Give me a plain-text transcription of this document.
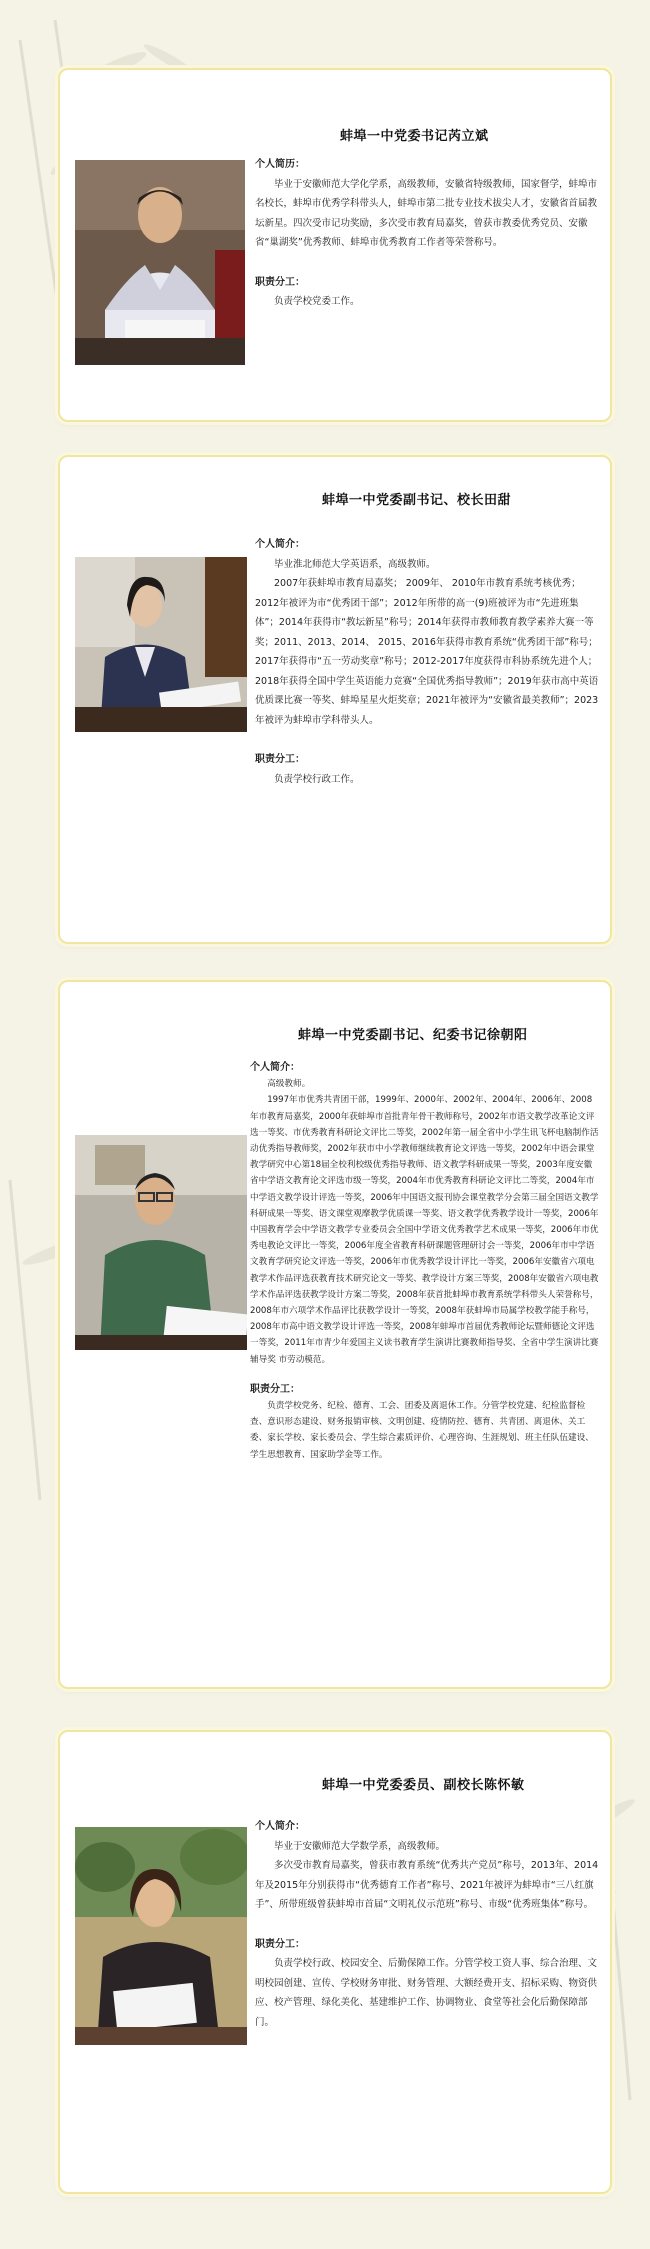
蚌埠一中党委书记芮立斌
个人简历：

毕业于安徽师范大学化学系，高级教师，安徽省特级教师，国家督学，蚌埠市名校长，蚌埠市优秀学科带头人，蚌埠市第二批专业技术拔尖人才，安徽省首届教坛新星。四次受市记功奖励，多次受市教育局嘉奖，曾获市教委优秀党员、安徽省“巢湖奖”优秀教师、蚌埠市优秀教育工作者等荣誉称号。

职责分工：

负责学校党委工作。

蚌埠一中党委副书记、校长田甜
个人简介：

毕业淮北师范大学英语系，高级教师。

2007年获蚌埠市教育局嘉奖； 2009年、 2010年市教育系统考核优秀； 2012年被评为市“优秀团干部”；2012年所带的高一(9)班被评为市“先进班集体”；2014年获得市“教坛新星”称号；2014年获得市教师教育教学素养大赛一等奖；2011、2013、2014、 2015、2016年获得市教育系统“优秀团干部”称号；2017年获得市“五一劳动奖章”称号；2012-2017年度获得市科协系统先进个人；2018年获得全国中学生英语能力竞赛“全国优秀指导教师”；2019年获市高中英语优质课比赛一等奖、蚌埠星星火炬奖章；2021年被评为“安徽省最美教师”；2023年被评为蚌埠市学科带头人。

职责分工：

负责学校行政工作。

蚌埠一中党委副书记、纪委书记徐朝阳
个人简介：

高级教师。

1997年市优秀共青团干部，1999年、2000年、2002年、2004年、2006年、2008年市教育局嘉奖，2000年获蚌埠市首批青年骨干教师称号，2002年市语文教学改革论文评选一等奖、市优秀教育科研论文评比二等奖，2002年第一届全省中小学生讯飞杯电脑制作活动优秀指导教师奖，2002年获市中小学教师继续教育论文评选一等奖，2002年中语会课堂教学研究中心第18届全校利校级优秀指导教师、语文教学科研成果一等奖，2003年度安徽省中学语文教育论文评选市级一等奖，2004年市优秀教育科研论文评比二等奖，2004年市中学语文教学设计评选一等奖，2006年中国语文报刊协会课堂教学分会第三届全国语文教学科研成果一等奖、语文课堂观摩教学优质课一等奖、语文教学优秀教学设计一等奖，2006年中国教育学会中学语文教学专业委员会全国中学语文优秀教学艺术成果一等奖，2006年市优秀电教论文评比一等奖，2006年度全省教育科研课题管理研讨会一等奖，2006年市中学语文教育学研究论文评选一等奖，2006年市优秀教学设计评比一等奖，2006年安徽省六项电教学术作品评选获教育技术研究论文一等奖、教学设计方案三等奖，2008年安徽省六项电教学术作品评选获教学设计方案二等奖，2008年获首批蚌埠市教育系统学科带头人荣誉称号，2008年市六项学术作品评比获教学设计一等奖，2008年获蚌埠市局属学校教学能手称号，2008年市高中语文教学设计评选一等奖，2008年蚌埠市首届优秀教师论坛暨师德论文评选一等奖，2011年市青少年爱国主义读书教育学生演讲比赛教师指导奖、全省中学生演讲比赛辅导奖 市劳动模范。

职责分工：

负责学校党务、纪检、德育、工会、团委及离退休工作。分管学校党建、纪检监督检查、意识形态建设、财务报销审核、文明创建、疫情防控、德育、共青团、离退休、关工委、家长学校、家长委员会、学生综合素质评价、心理咨询、生涯规划、班主任队伍建设、学生思想教育、国家助学金等工作。

蚌埠一中党委委员、副校长陈怀敏
个人简介：

毕业于安徽师范大学数学系，高级教师。

多次受市教育局嘉奖，曾获市教育系统“优秀共产党员”称号，2013年、2014年及2015年分别获得市“优秀德育工作者”称号、2021年被评为蚌埠市“三八红旗手”、所带班级曾获蚌埠市首届“文明礼仪示范班”称号、市级“优秀班集体”称号。

职责分工：

负责学校行政、校园安全、后勤保障工作。分管学校工资人事、综合治理、文明校园创建、宣传、学校财务审批、财务管理、大额经费开支、招标采购、物资供应、校产管理、绿化美化、基建维护工作、协调物业、食堂等社会化后勤保障部门。
